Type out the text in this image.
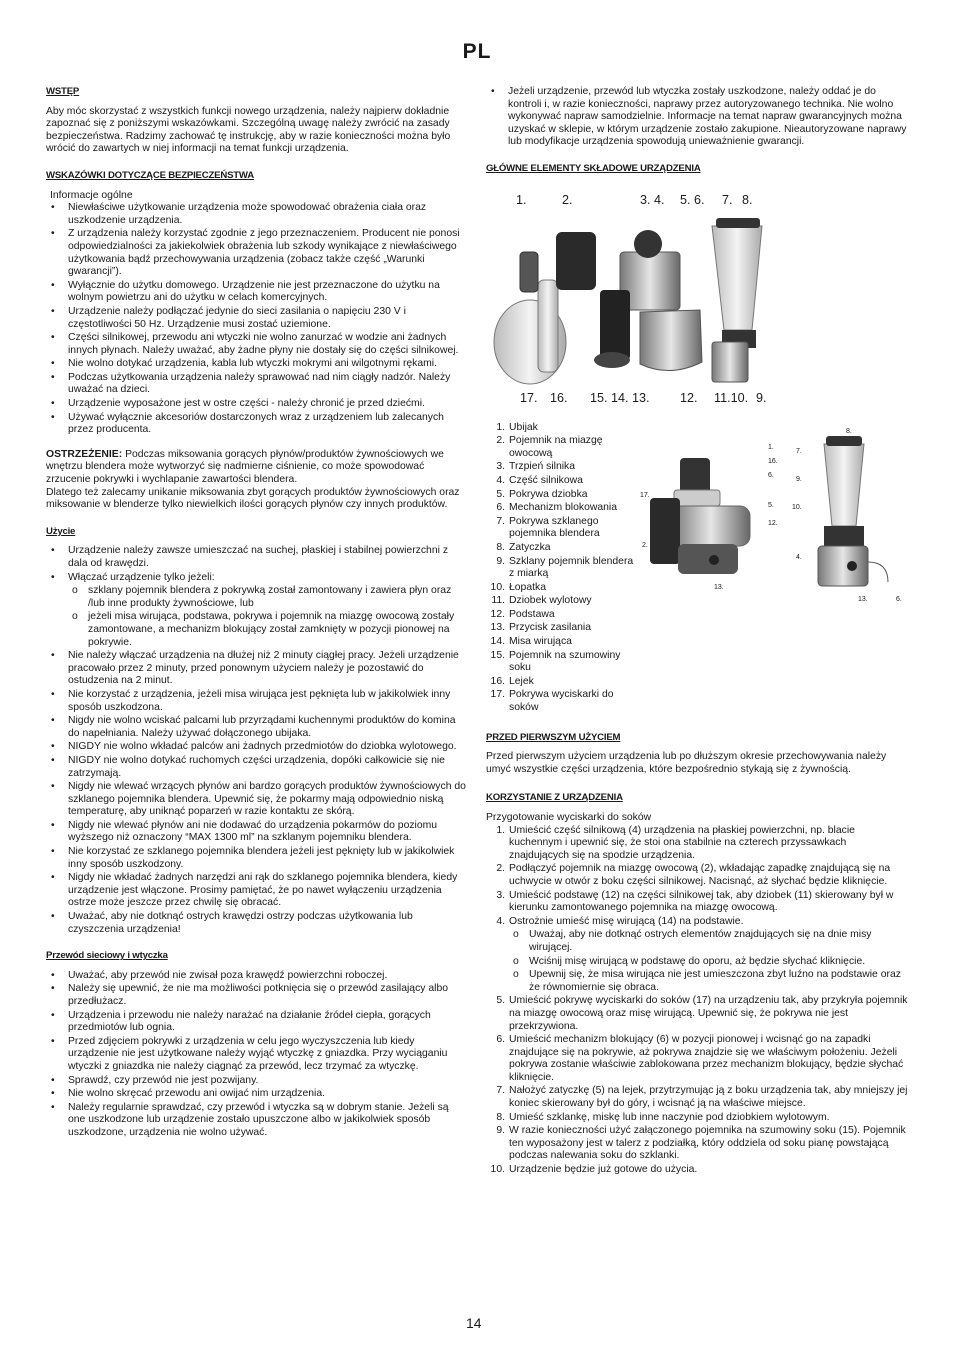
PL
WSTĘP

Aby móc skorzystać z wszystkich funkcji nowego urządzenia, należy najpierw dokładnie zapoznać się z poniższymi wskazówkami. Szczególną uwagę należy zwrócić na zasady bezpieczeństwa. Radzimy zachować tę instrukcję, aby w razie konieczności można było wrócić do zawartych w niej informacji na temat funkcji urządzenia.

WSKAZÓWKI DOTYCZĄCE BEZPIECZEŃSTWA
Informacje ogólne
• Niewłaściwe użytkowanie urządzenia może spowodować obrażenia ciała oraz uszkodzenie urządzenia.
• Z urządzenia należy korzystać zgodnie z jego przeznaczeniem. Producent nie ponosi odpowiedzialności za jakiekolwiek obrażenia lub szkody wynikające z niewłaściwego użytkowania bądź przechowywania urządzenia (zobacz także część „Warunki gwarancji”).
• Wyłącznie do użytku domowego. Urządzenie nie jest przeznaczone do użytku na wolnym powietrzu ani do użytku w celach komercyjnych.
• Urządzenie należy podłączać jedynie do sieci zasilania o napięciu 230 V i częstotliwości 50 Hz. Urządzenie musi zostać uziemione.
• Części silnikowej, przewodu ani wtyczki nie wolno zanurzać w wodzie ani żadnych innych płynach. Należy uważać, aby żadne płyny nie dostały się do części silnikowej.
• Nie wolno dotykać urządzenia, kabla lub wtyczki mokrymi ani wilgotnymi rękami.
• Podczas użytkowania urządzenia należy sprawować nad nim ciągły nadzór. Należy uważać na dzieci.
• Urządzenie wyposażone jest w ostre części - należy chronić je przed dziećmi.
• Używać wyłącznie akcesoriów dostarczonych wraz z urządzeniem lub zalecanych przez producenta.

OSTRZEŻENIE: Podczas miksowania gorących płynów/produktów żywnościowych we wnętrzu blendera może wytworzyć się nadmierne ciśnienie, co może spowodować zrzucenie pokrywki i wychlapanie zawartości blendera.

Dlatego też zalecamy unikanie miksowania zbyt gorących produktów żywnościowych oraz miksowanie w blenderze tylko niewielkich ilości gorących płynów czy innych produktów.

Użycie
• Urządzenie należy zawsze umieszczać na suchej, płaskiej i stabilnej powierzchni z dala od krawędzi.
• Włączać urządzenie tylko jeżeli:
o szklany pojemnik blendera z pokrywką został zamontowany i zawiera płyn oraz /lub inne produkty żywnościowe, lub
o jeżeli misa wirująca, podstawa, pokrywa i pojemnik na miazgę owocową zostały zamontowane, a mechanizm blokujący został zamknięty w pozycji pionowej na pokrywie.
• Nie należy włączać urządzenia na dłużej niż 2 minuty ciągłej pracy. Jeżeli urządzenie pracowało przez 2 minuty, przed ponownym użyciem należy je pozostawić do ostudzenia na 2 minut.
• Nie korzystać z urządzenia, jeżeli misa wirująca jest pęknięta lub w jakikolwiek inny sposób uszkodzona.
• Nigdy nie wolno wciskać palcami lub przyrządami kuchennymi produktów do komina do napełniania. Należy używać dołączonego ubijaka.
• NIGDY nie wolno wkładać palców ani żadnych przedmiotów do dziobka wylotowego.
• NIGDY nie wolno dotykać ruchomych części urządzenia, dopóki całkowicie się nie zatrzymają.
• Nigdy nie wlewać wrzących płynów ani bardzo gorących produktów żywnościowych do szklanego pojemnika blendera. Upewnić się, że pokarmy mają odpowiednio niską temperaturę, aby uniknąć poparzeń w razie kontaktu ze skórą.
• Nigdy nie wlewać płynów ani nie dodawać do urządzenia pokarmów do poziomu wyższego niż oznaczony “MAX 1300 ml” na szklanym pojemniku blendera.
• Nie korzystać ze szklanego pojemnika blendera jeżeli jest pęknięty lub w jakikolwiek inny sposób uszkodzony.
• Nigdy nie wkładać żadnych narzędzi ani rąk do szklanego pojemnika blendera, kiedy urządzenie jest włączone. Prosimy pamiętać, że po nawet wyłączeniu urządzenia ostrze może jeszcze przez chwilę się obracać.
• Uważać, aby nie dotknąć ostrych krawędzi ostrzy podczas użytkowania lub czyszczenia urządzenia!
Przewód sieciowy i wtyczka
• Uważać, aby przewód nie zwisał poza krawędź powierzchni roboczej.
• Należy się upewnić, że nie ma możliwości potknięcia się o przewód zasilający albo przedłużacz.
• Urządzenia i przewodu nie należy narażać na działanie źródeł ciepła, gorących przedmiotów lub ognia.
• Przed zdjęciem pokrywki z urządzenia w celu jego wyczyszczenia lub kiedy urządzenie nie jest użytkowane należy wyjąć wtyczkę z gniazdka. Przy wyciąganiu wtyczki z gniazdka nie należy ciągnąć za przewód, lecz trzymać za wtyczkę.
• Sprawdź, czy przewód nie jest pozwijany.
• Nie wolno skręcać przewodu ani owijać nim urządzenia.
• Należy regularnie sprawdzać, czy przewód i wtyczka są w dobrym stanie. Jeżeli są one uszkodzone lub urządzenie zostało upuszczone albo w jakikolwiek sposób uszkodzone, urządzenia nie wolno używać.
• Jeżeli urządzenie, przewód lub wtyczka zostały uszkodzone, należy oddać je do kontroli i, w razie konieczności, naprawy przez autoryzowanego technika. Nie wolno wykonywać napraw samodzielnie. Informacje na temat napraw gwarancyjnych można uzyskać w sklepie, w którym urządzenie zostało zakupione. Nieautoryzowane naprawy lub modyfikacje urządzenia spowodują unieważnienie gwarancji.
GŁÓWNE ELEMENTY SKŁADOWE URZĄDZENIA
1.	2.	3. 4. 5. 6. 7. 8.
17. 16. 15. 14. 13. 12. 11.10. 9.
1. Ubijak
2. Pojemnik na miazgę owocową
3. Trzpień silnika
4. Część silnikowa
5. Pokrywa dziobka
6. Mechanizm blokowania
7. Pokrywa szklanego pojemnika blendera
8. Zatyczka
9. Szklany pojemnik blendera z miarką
10. Łopatka
11. Dziobek wylotowy
12. Podstawa
13. Przycisk zasilania
14. Misa wirująca
15. Pojemnik na szumowiny soku
16. Lejek
17. Pokrywa wyciskarki do soków
1.
16.
6.
17.
5.
12.
2.
13.
8.
7.
9.
10.
4.
13.	6.
PRZED PIERWSZYM UŻYCIEM

Przed pierwszym użyciem urządzenia lub po dłuższym okresie przechowywania należy umyć wszystkie części urządzenia, które bezpośrednio stykają się z żywnością.

KORZYSTANIE Z URZĄDZENIA
Przygotowanie wyciskarki do soków
1. Umieścić część silnikową (4) urządzenia na płaskiej powierzchni, np. blacie kuchennym i upewnić się, że stoi ona stabilnie na czterech przyssawkach znajdujących się na spodzie urządzenia.
2. Podłączyć pojemnik na miazgę owocową (2), wkładając zapadkę znajdującą się na uchwycie w otwór z boku części silnikowej. Nacisnąć, aż słychać będzie kliknięcie.
3. Umieścić podstawę (12) na części silnikowej tak, aby dziobek (11) skierowany był w kierunku zamontowanego pojemnika na miazgę owocową.
4. Ostrożnie umieść misę wirującą (14) na podstawie.
o Uważaj, aby nie dotknąć ostrych elementów znajdujących się na dnie misy wirującej.
o Wciśnij misę wirującą w podstawę do oporu, aż będzie słychać kliknięcie.
o Upewnij się, że misa wirująca nie jest umieszczona zbyt luźno na podstawie oraz że równomiernie się obraca.
5. Umieścić pokrywę wyciskarki do soków (17) na urządzeniu tak, aby przykryła pojemnik na miazgę owocową oraz misę wirującą. Upewnić się, że pokrywa nie jest przekrzywiona.
6. Umieścić mechanizm blokujący (6) w pozycji pionowej i wcisnąć go na zapadki znajdujące się na pokrywie, aż pokrywa znajdzie się we właściwym położeniu. Jeżeli pokrywa zostanie właściwie zablokowana przez mechanizm blokujący, będzie słychać kliknięcie.
7. Nałożyć zatyczkę (5) na lejek, przytrzymując ją z boku urządzenia tak, aby mniejszy jej koniec skierowany był do góry, i wcisnąć ją na właściwe miejsce.
8. Umieść szklankę, miskę lub inne naczynie pod dziobkiem wylotowym.
9. W razie konieczności użyć załączonego pojemnika na szumowiny soku (15). Pojemnik ten wyposażony jest w talerz z podziałką, który oddziela od soku pianę powstającą podczas nalewania soku do szklanki.
10. Urządzenie będzie już gotowe do użycia.
14
